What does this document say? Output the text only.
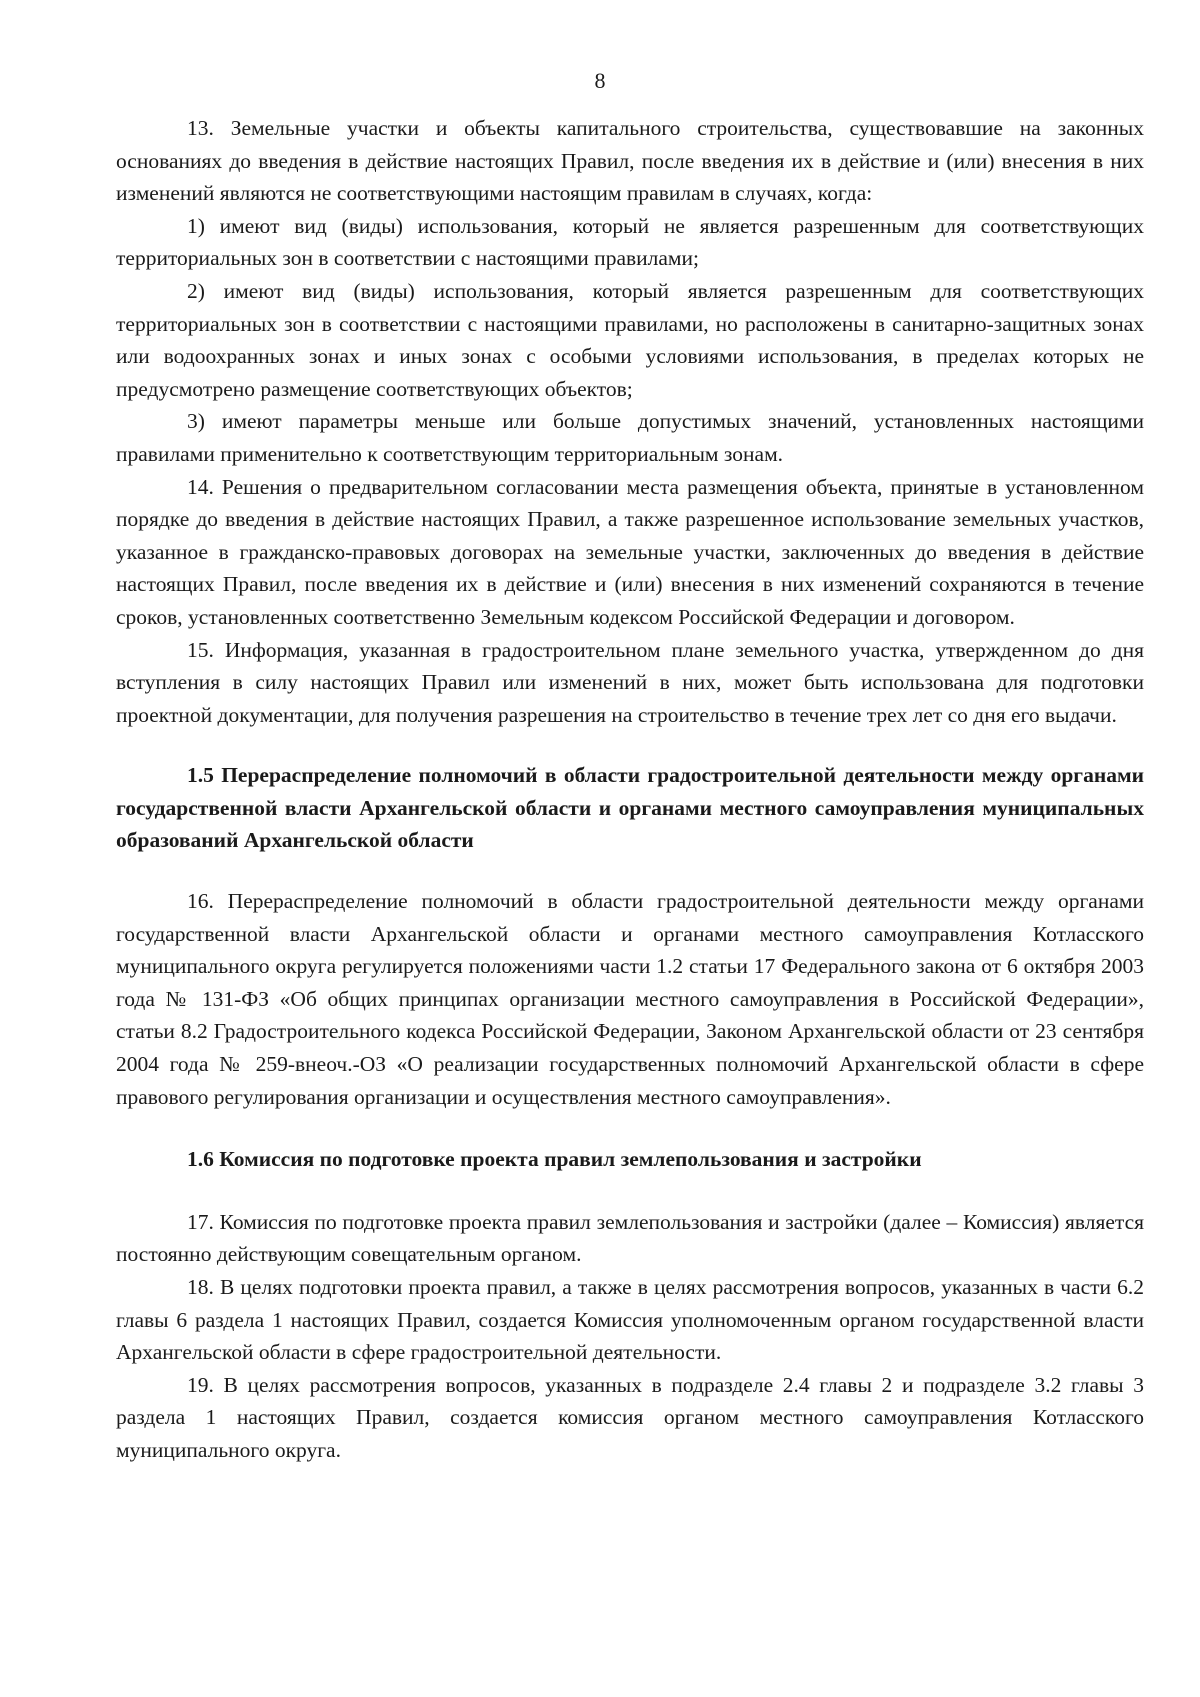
8

13. Земельные участки и объекты капитального строительства, существовавшие на законных основаниях до введения в действие настоящих Правил, после введения их в действие и (или) внесения в них изменений являются не соответствующими настоящим правилам в случаях, когда:

1) имеют вид (виды) использования, который не является разрешенным для соответствующих территориальных зон в соответствии с настоящими правилами;

2) имеют вид (виды) использования, который является разрешенным для соответствующих территориальных зон в соответствии с настоящими правилами, но расположены в санитарно-защитных зонах или водоохранных зонах и иных зонах с особыми условиями использования, в пределах которых не предусмотрено размещение соответствующих объектов;

3) имеют параметры меньше или больше допустимых значений, установленных настоящими правилами применительно к соответствующим территориальным зонам.

14. Решения о предварительном согласовании места размещения объекта, принятые в установленном порядке до введения в действие настоящих Правил, а также разрешенное использование земельных участков, указанное в гражданско-правовых договорах на земельные участки, заключенных до введения в действие настоящих Правил, после введения их в действие и (или) внесения в них изменений сохраняются в течение сроков, установленных соответственно Земельным кодексом Российской Федерации и договором.

15. Информация, указанная в градостроительном плане земельного участка, утвержденном до дня вступления в силу настоящих Правил или изменений в них, может быть использована для подготовки проектной документации, для получения разрешения на строительство в течение трех лет со дня его выдачи.

1.5 Перераспределение полномочий в области градостроительной деятельности между органами государственной власти Архангельской области и органами местного самоуправления муниципальных образований Архангельской области

16. Перераспределение полномочий в области градостроительной деятельности между органами государственной власти Архангельской области и органами местного самоуправления Котласского муниципального округа регулируется положениями части 1.2 статьи 17 Федерального закона от 6 октября 2003 года № 131-ФЗ «Об общих принципах организации местного самоуправления в Российской Федерации», статьи 8.2 Градостроительного кодекса Российской Федерации, Законом Архангельской области от 23 сентября 2004 года № 259-внеоч.-ОЗ «О реализации государственных полномочий Архангельской области в сфере правового регулирования организации и осуществления местного самоуправления».

1.6 Комиссия по подготовке проекта правил землепользования и застройки

17. Комиссия по подготовке проекта правил землепользования и застройки (далее – Комиссия) является постоянно действующим совещательным органом.

18. В целях подготовки проекта правил, а также в целях рассмотрения вопросов, указанных в части 6.2 главы 6 раздела 1 настоящих Правил, создается Комиссия уполномоченным органом государственной власти Архангельской области в сфере градостроительной деятельности.

19. В целях рассмотрения вопросов, указанных в подразделе 2.4 главы 2 и подразделе 3.2 главы 3 раздела 1 настоящих Правил, создается комиссия органом местного самоуправления Котласского муниципального округа.
